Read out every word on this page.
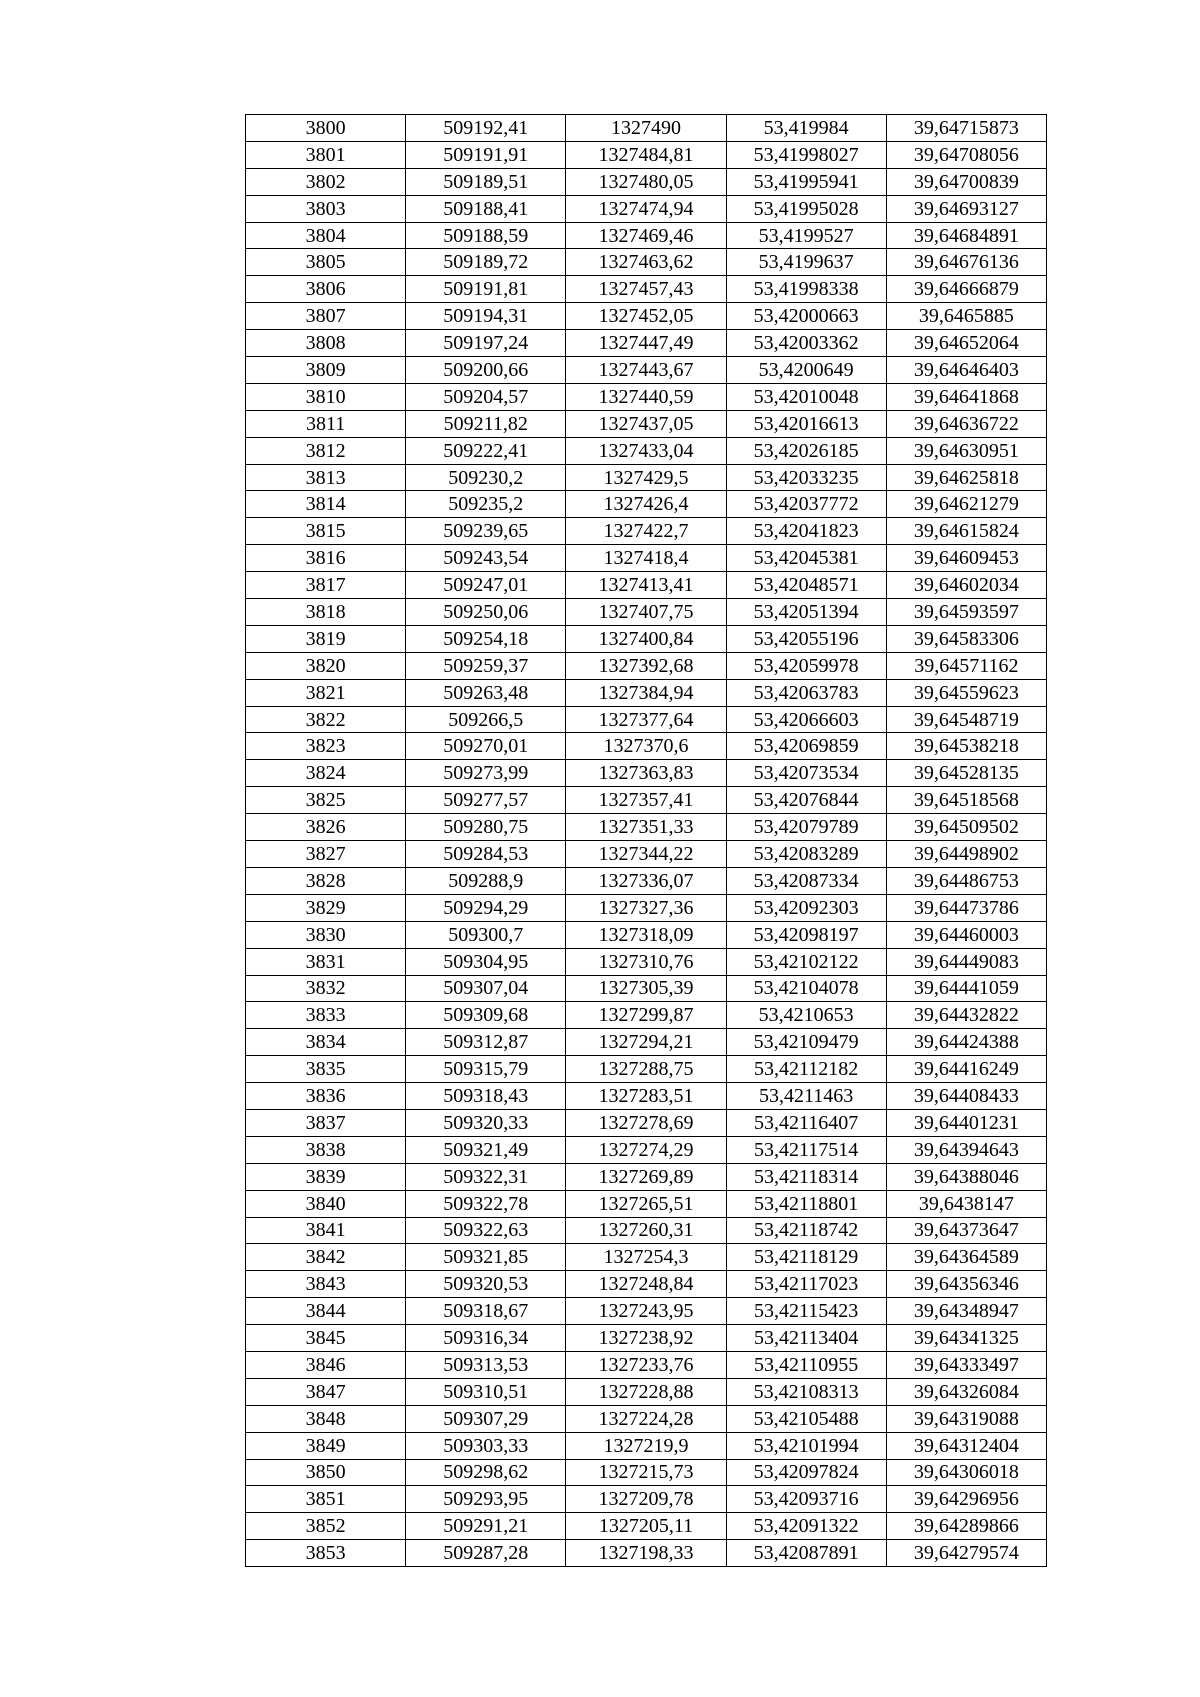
3800	509192,41	1327490	53,419984	39,64715873
3801	509191,91	1327484,81	53,41998027	39,64708056
3802	509189,51	1327480,05	53,41995941	39,64700839
3803	509188,41	1327474,94	53,41995028	39,64693127
3804	509188,59	1327469,46	53,4199527	39,64684891
3805	509189,72	1327463,62	53,4199637	39,64676136
3806	509191,81	1327457,43	53,41998338	39,64666879
3807	509194,31	1327452,05	53,42000663	39,6465885
3808	509197,24	1327447,49	53,42003362	39,64652064
3809	509200,66	1327443,67	53,4200649	39,64646403
3810	509204,57	1327440,59	53,42010048	39,64641868
3811	509211,82	1327437,05	53,42016613	39,64636722
3812	509222,41	1327433,04	53,42026185	39,64630951
3813	509230,2	1327429,5	53,42033235	39,64625818
3814	509235,2	1327426,4	53,42037772	39,64621279
3815	509239,65	1327422,7	53,42041823	39,64615824
3816	509243,54	1327418,4	53,42045381	39,64609453
3817	509247,01	1327413,41	53,42048571	39,64602034
3818	509250,06	1327407,75	53,42051394	39,64593597
3819	509254,18	1327400,84	53,42055196	39,64583306
3820	509259,37	1327392,68	53,42059978	39,64571162
3821	509263,48	1327384,94	53,42063783	39,64559623
3822	509266,5	1327377,64	53,42066603	39,64548719
3823	509270,01	1327370,6	53,42069859	39,64538218
3824	509273,99	1327363,83	53,42073534	39,64528135
3825	509277,57	1327357,41	53,42076844	39,64518568
3826	509280,75	1327351,33	53,42079789	39,64509502
3827	509284,53	1327344,22	53,42083289	39,64498902
3828	509288,9	1327336,07	53,42087334	39,64486753
3829	509294,29	1327327,36	53,42092303	39,64473786
3830	509300,7	1327318,09	53,42098197	39,64460003
3831	509304,95	1327310,76	53,42102122	39,64449083
3832	509307,04	1327305,39	53,42104078	39,64441059
3833	509309,68	1327299,87	53,4210653	39,64432822
3834	509312,87	1327294,21	53,42109479	39,64424388
3835	509315,79	1327288,75	53,42112182	39,64416249
3836	509318,43	1327283,51	53,4211463	39,64408433
3837	509320,33	1327278,69	53,42116407	39,64401231
3838	509321,49	1327274,29	53,42117514	39,64394643
3839	509322,31	1327269,89	53,42118314	39,64388046
3840	509322,78	1327265,51	53,42118801	39,6438147
3841	509322,63	1327260,31	53,42118742	39,64373647
3842	509321,85	1327254,3	53,42118129	39,64364589
3843	509320,53	1327248,84	53,42117023	39,64356346
3844	509318,67	1327243,95	53,42115423	39,64348947
3845	509316,34	1327238,92	53,42113404	39,64341325
3846	509313,53	1327233,76	53,42110955	39,64333497
3847	509310,51	1327228,88	53,42108313	39,64326084
3848	509307,29	1327224,28	53,42105488	39,64319088
3849	509303,33	1327219,9	53,42101994	39,64312404
3850	509298,62	1327215,73	53,42097824	39,64306018
3851	509293,95	1327209,78	53,42093716	39,64296956
3852	509291,21	1327205,11	53,42091322	39,64289866
3853	509287,28	1327198,33	53,42087891	39,64279574
